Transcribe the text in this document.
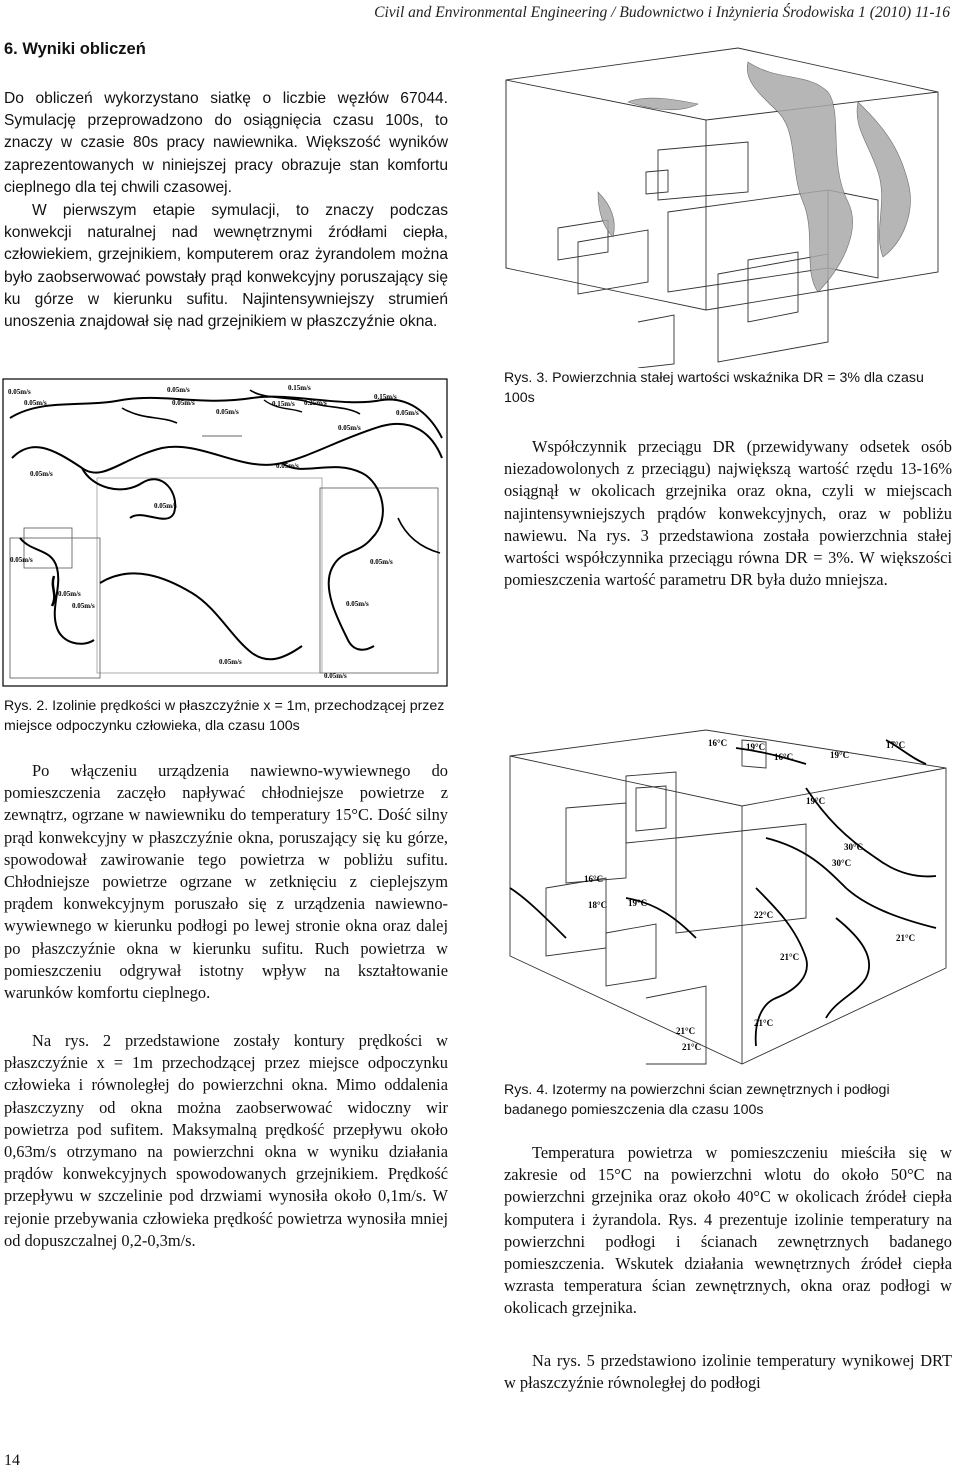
Civil and Environmental Engineering / Budownictwo i Inżynieria Środowiska 1 (2010) 11-16
6. Wyniki obliczeń

Do obliczeń wykorzystano siatkę o liczbie węzłów 67044. Symulację przeprowadzono do osiągnięcia czasu 100s, to znaczy w czasie 80s pracy nawiewnika. Większość wyników zaprezentowanych w niniejszej pracy obrazuje stan komfortu cieplnego dla tej chwili czasowej.

W pierwszym etapie symulacji, to znaczy podczas konwekcji naturalnej nad wewnętrznymi źródłami ciepła, człowiekiem, grzejnikiem, komputerem oraz żyrandolem można było zaobserwować powstały prąd konwekcyjny poruszający się ku górze w kierunku sufitu. Najintensywniejszy strumień unoszenia znajdował się nad grzejnikiem w płaszczyźnie okna.

0.05m/s	0.05m/s	0.15m/s
0.15m/s 0.25m/s
0.15m/s
0.05m/s	0.05m/s
0.05m/s	0.05m/s
0.05m/s
0.05m/s
0.05m/s
0.05m/s
0.05m/s
0.05m/s
0.05m/s
0.05m/s
0.05m/s
0.05m/s
0.05m/s

Rys. 2. Izolinie prędkości w płaszczyźnie x = 1m, przechodzącej przez miejsce odpoczynku człowieka, dla czasu 100s

Po włączeniu urządzenia nawiewno-wywiewnego do pomieszczenia zaczęło napływać chłodniejsze powietrze z zewnątrz, ogrzane w nawiewniku do temperatury 15°C. Dość silny prąd konwekcyjny w płaszczyźnie okna, poruszający się ku górze, spowodował zawirowanie tego powietrza w pobliżu sufitu. Chłodniejsze powietrze ogrzane w zetknięciu z cieplejszym prądem konwekcyjnym poruszało się z urządzenia nawiewno-wywiewnego w kierunku podłogi po lewej stronie okna oraz dalej po płaszczyźnie okna w kierunku sufitu. Ruch powietrza w pomieszczeniu odgrywał istotny wpływ na kształtowanie warunków komfortu cieplnego.

Na rys. 2 przedstawione zostały kontury prędkości w płaszczyźnie x = 1m przechodzącej przez miejsce odpoczynku człowieka i równoległej do powierzchni okna. Mimo oddalenia płaszczyzny od okna można zaobserwować widoczny wir powietrza pod sufitem. Maksymalną prędkość przepływu około 0,63m/s otrzymano na powierzchni okna w wyniku działania prądów konwekcyjnych spowodowanych grzejnikiem. Prędkość przepływu w szczelinie pod drzwiami wynosiła około 0,1m/s. W rejonie przebywania człowieka prędkość powietrza wynosiła mniej od dopuszczalnej 0,2-0,3m/s.

Rys. 3. Powierzchnia stałej wartości wskaźnika DR = 3% dla czasu 100s

Współczynnik przeciągu DR (przewidywany odsetek osób niezadowolonych z przeciągu) największą wartość rzędu 13-16% osiągnął w okolicach grzejnika oraz okna, czyli w miejscach najintensywniejszych prądów konwekcyjnych, oraz w pobliżu nawiewu. Na rys. 3 przedstawiona została powierzchnia stałej wartości współczynnika przeciągu równa DR = 3%. W większości pomieszczenia wartość parametru DR była dużo mniejsza.

16°C 19°C
16°C	19°C
17°C
19°C
30°C
30°C
16°C
18°C 19°C
22°C
21°C
21°C
21°C
21°C
21°C

Rys. 4. Izotermy na powierzchni ścian zewnętrznych i podłogi badanego pomieszczenia dla czasu 100s

Temperatura powietrza w pomieszczeniu mieściła się w zakresie od 15°C na powierzchni wlotu do około 50°C na powierzchni grzejnika oraz około 40°C w okolicach źródeł ciepła komputera i żyrandola. Rys. 4 prezentuje izolinie temperatury na powierzchni podłogi i ścianach zewnętrznych badanego pomieszczenia. Wskutek działania wewnętrznych źródeł ciepła wzrasta temperatura ścian zewnętrznych, okna oraz podłogi w okolicach grzejnika.

Na rys. 5 przedstawiono izolinie temperatury wynikowej DRT w płaszczyźnie równoległej do podłogi

14
